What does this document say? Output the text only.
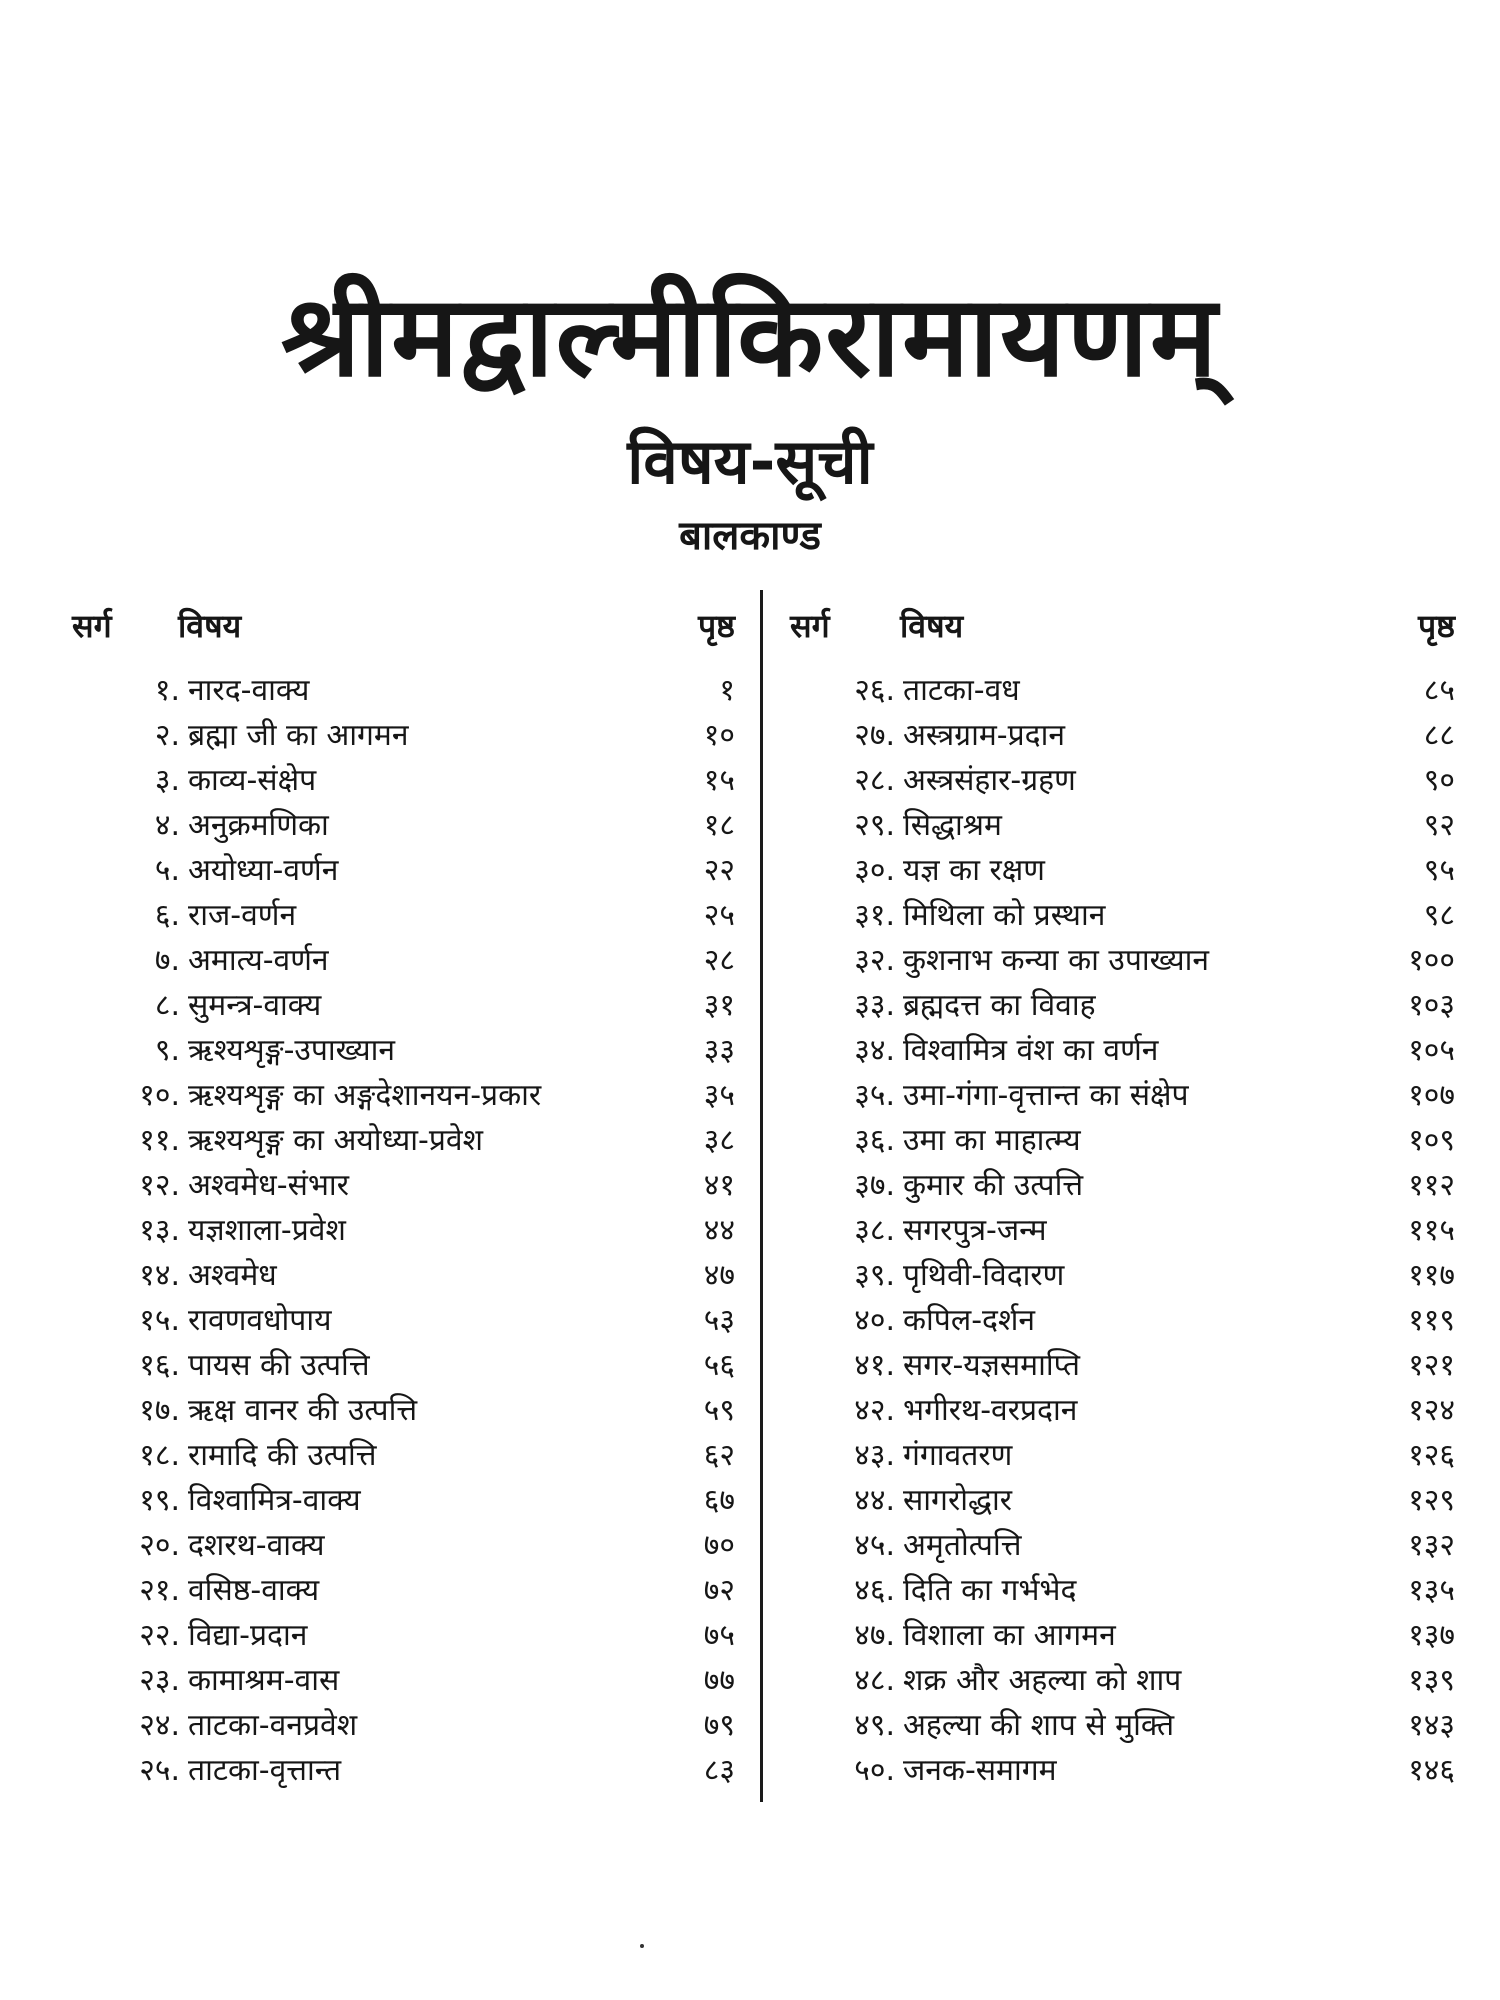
श्रीमद्वाल्मीकिरामायणम्
विषय-सूची
बालकाण्ड
सर्ग विषय	पृष्ठ सर्ग विषय	पृष्ठ
१. नारद-वाक्य	१
२. ब्रह्मा जी का आगमन	१०
३. काव्य-संक्षेप	१५
४. अनुक्रमणिका	१८
५. अयोध्या-वर्णन	२२
६. राज-वर्णन	२५
७. अमात्य-वर्णन	२८
८. सुमन्त्र-वाक्य	३१
९. ऋश्यशृङ्ग-उपाख्यान	३३
१०. ऋश्यशृङ्ग का अङ्गदेशानयन-प्रकार	३५
११. ऋश्यशृङ्ग का अयोध्या-प्रवेश	३८
१२. अश्वमेध-संभार	४१
१३. यज्ञशाला-प्रवेश	४४
१४. अश्वमेध	४७
१५. रावणवधोपाय	५३
१६. पायस की उत्पत्ति	५६
१७. ऋक्ष वानर की उत्पत्ति	५९
१८. रामादि की उत्पत्ति	६२
१९. विश्वामित्र-वाक्य	६७
२०. दशरथ-वाक्य	७०
२१. वसिष्ठ-वाक्य	७२
२२. विद्या-प्रदान	७५
२३. कामाश्रम-वास	७७
२४. ताटका-वनप्रवेश	७९
२५. ताटका-वृत्तान्त	८३
२६. ताटका-वध	८५
२७. अस्त्रग्राम-प्रदान	८८
२८. अस्त्रसंहार-ग्रहण	९०
२९. सिद्धाश्रम	९२
३०. यज्ञ का रक्षण	९५
३१. मिथिला को प्रस्थान	९८
३२. कुशनाभ कन्या का उपाख्यान	१००
३३. ब्रह्मदत्त का विवाह	१०३
३४. विश्वामित्र वंश का वर्णन	१०५
३५. उमा-गंगा-वृत्तान्त का संक्षेप	१०७
३६. उमा का माहात्म्य	१०९
३७. कुमार की उत्पत्ति	११२
३८. सगरपुत्र-जन्म	११५
३९. पृथिवी-विदारण	११७
४०. कपिल-दर्शन	११९
४१. सगर-यज्ञसमाप्ति	१२१
४२. भगीरथ-वरप्रदान	१२४
४३. गंगावतरण	१२६
४४. सागरोद्धार	१२९
४५. अमृतोत्पत्ति	१३२
४६. दिति का गर्भभेद	१३५
४७. विशाला का आगमन	१३७
४८. शक्र और अहल्या को शाप	१३९
४९. अहल्या की शाप से मुक्ति	१४३
५०. जनक-समागम	१४६
